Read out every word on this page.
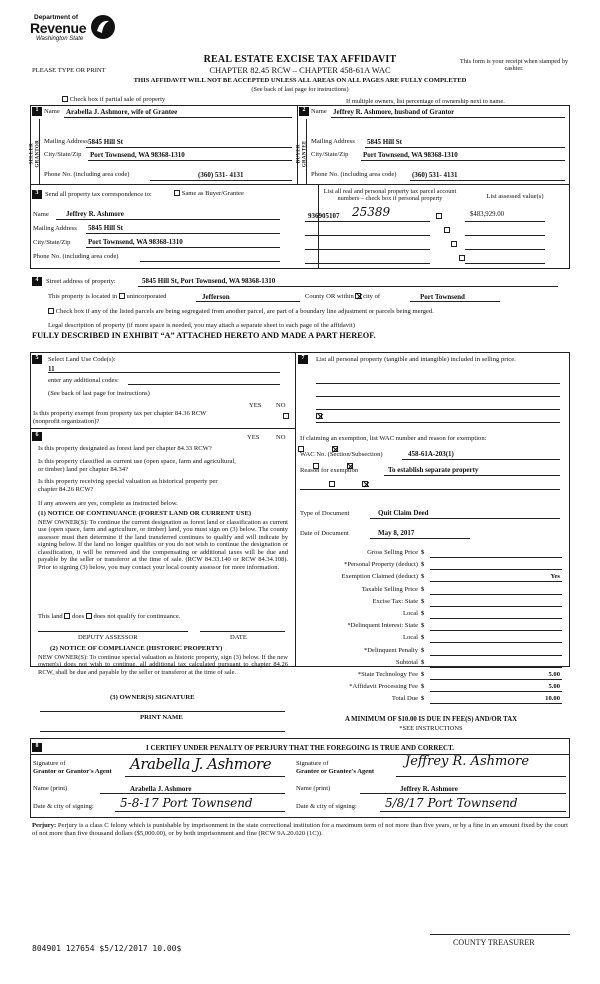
Department of
Revenue
Washington State
REAL ESTATE EXCISE TAX AFFIDAVIT
PLEASE TYPE OR PRINT	CHAPTER 82.45 RCW – CHAPTER 458-61A WAC
THIS AFFIDAVIT WILL NOT BE ACCEPTED UNLESS ALL AREAS ON ALL PAGES ARE FULLY COMPLETED
(See back of last page for instructions)
This form is your receipt when stamped by cashier.
Check box if partial sale of property	If multiple owners, list percentage of ownership next to name.
1 Name Arabella J. Ashmore, wife of Grantee
SELLER GRANTOR Mailing Address 5845 Hill St
City/State/Zip Port Townsend, WA 98368-1310
Phone No. (including area code)	(360) 531- 4131
2 Name Jeffrey R. Ashmore, husband of Grantor
BUYER GRANTEE Mailing Address 5845 Hill St
City/State/Zip Port Townsend, WA 98368-1310
Phone No. (including area code) (360) 531- 4131
3 Send all property tax correspondence to:	Same as Buyer/Grantee
Name Jeffrey R. Ashmore
Mailing Address 5845 Hill St
City/State/Zip	Port Townsend, WA 98368-1310
Phone No. (including area code)
List all real and personal property tax parcel account numbers – check box if personal property	List assessed value(s)
936905107 25389	$483,929.00

4	Street address of property:	5845 Hill St, Port Townsend, WA 98368-1310
This property is located in unincorporated	Jefferson	County OR within city of	Port Townsend
Check box if any of the listed parcels are being segregated from another parcel, are part of a boundary line adjustment or parcels being merged.
Legal description of property (if more space is needed, you may attach a separate sheet to each page of the affidavit)
FULLY DESCRIBED IN EXHIBIT “A” ATTACHED HERETO AND MADE A PART HEREOF.
5	Select Land Use Code(s):
11
enter any additional codes:
(See back of last page for instructions)
YES NO
Is this property exempt from property tax per chapter 84.36 RCW (nonprofit organization)?

6	YES	NO
Is this property designated as forest land per chapter 84.33 RCW?

Is this property classified as current use (open space, farm and agricultural, or timber) land per chapter 84.34?

Is this property receiving special valuation as historical property per chapter 84.26 RCW?

If any answers are yes, complete as instructed below.
(1) NOTICE OF CONTINUANCE (FOREST LAND OR CURRENT USE)
NEW OWNER(S): To continue the current designation as forest land or classification as current use (open space, farm and agriculture, or timber) land, you must sign on (3) below. The county assessor must then determine if the land transferred continues to qualify and will indicate by signing below. If the land no longer qualifies or you do not wish to continue the designation or classification, it will be removed and the compensating or additional taxes will be due and payable by the seller or transferor at the time of sale. (RCW 84.33.140 or RCW 84.34.108). Prior to signing (3) below, you may contact your local county assessor for more information.
This land does does not qualify for continuance.
DEPUTY ASSESSOR	DATE
(2) NOTICE OF COMPLIANCE (HISTORIC PROPERTY)
NEW OWNER(S): To continue special valuation as historic property, sign (3) below. If the new owner(s) does not wish to continue, all additional tax calculated pursuant to chapter 84.26 RCW, shall be due and payable by the seller or transferor at the time of sale.
7	List all personal property (tangible and intangible) included in selling price.
If claiming an exemption, list WAC number and reason for exemption:
WAC No. (Section/Subsection)	458-61A-203(1)
Reason for exemption	To establish separate property
Type of Document	Quit Claim Deed
Date of Document	May 8, 2017
Gross Selling Price $
*Personal Property (deduct) $
Exemption Claimed (deduct) $	Yes
Taxable Selling Price $
Excise Tax: State $
Local $
*Delinquent Interest: State $
Local $
*Delinquent Penalty $
Subtotal $
*State Technology Fee $	5.00
*Affidavit Processing Fee $	5.00
Total Due $	10.00
(3) OWNER(S) SIGNATURE
PRINT NAME	A MINIMUM OF $10.00 IS DUE IN FEE(S) AND/OR TAX
*SEE INSTRUCTIONS
8	I CERTIFY UNDER PENALTY OF PERJURY THAT THE FOREGOING IS TRUE AND CORRECT.
Signature of
Grantor or Grantor's Agent Arabella J. Ashmore
Name (print)	Arabella J. Ashmore
Date & city of signing: 5-8-17 Port Townsend
Signature of
Grantee or Grantee's Agent
Jeffrey R. Ashmore
Name (print)	Jeffrey R. Ashmore
Date & city of signing: 5/8/17 Port Townsend
Perjury: Perjury is a class C felony which is punishable by imprisonment in the state correctional institution for a maximum term of not more than five years, or by a fine in an amount fixed by the court of not more than five thousand dollars ($5,000.00), or by both imprisonment and fine (RCW 9A.20.020 (1C)).
804901 127654 $5/12/2017 10.00$
COUNTY TREASURER
